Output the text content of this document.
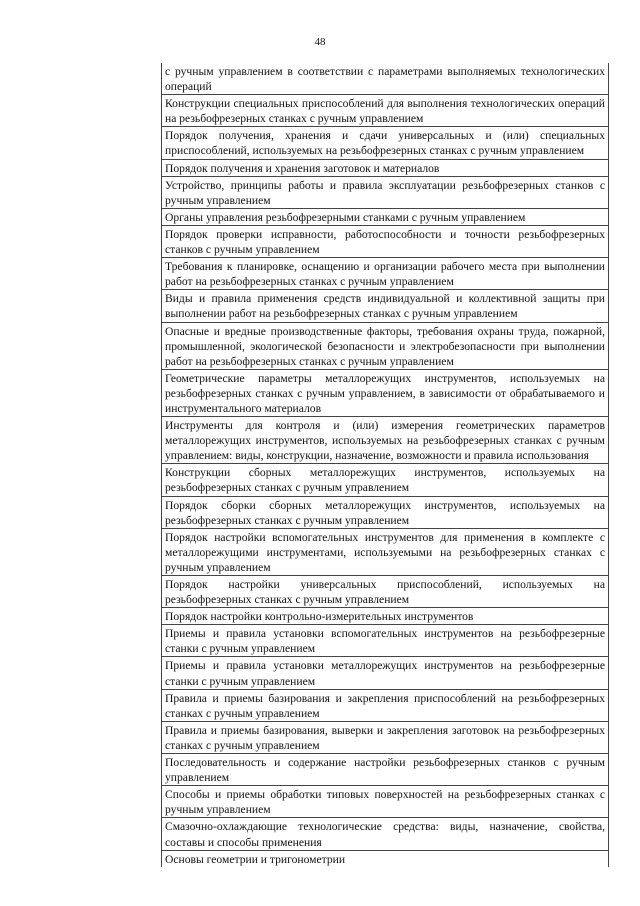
48
с ручным управлением в соответствии с параметрами выполняемых технологических операций
Конструкции специальных приспособлений для выполнения технологических операций на резьбофрезерных станках с ручным управлением
Порядок получения, хранения и сдачи универсальных и (или) специальных приспособлений, используемых на резьбофрезерных станках с ручным управлением
Порядок получения и хранения заготовок и материалов
Устройство, принципы работы и правила эксплуатации резьбофрезерных станков с ручным управлением
Органы управления резьбофрезерными станками с ручным управлением
Порядок проверки исправности, работоспособности и точности резьбофрезерных станков с ручным управлением
Требования к планировке, оснащению и организации рабочего места при выполнении работ на резьбофрезерных станках с ручным управлением
Виды и правила применения средств индивидуальной и коллективной защиты при выполнении работ на резьбофрезерных станках с ручным управлением
Опасные и вредные производственные факторы, требования охраны труда, пожарной, промышленной, экологической безопасности и электробезопасности при выполнении работ на резьбофрезерных станках с ручным управлением
Геометрические параметры металлорежущих инструментов, используемых на резьбофрезерных станках с ручным управлением, в зависимости от обрабатываемого и инструментального материалов
Инструменты для контроля и (или) измерения геометрических параметров металлорежущих инструментов, используемых на резьбофрезерных станках с ручным управлением: виды, конструкции, назначение, возможности и правила использования
Конструкции сборных металлорежущих инструментов, используемых на резьбофрезерных станках с ручным управлением
Порядок сборки сборных металлорежущих инструментов, используемых на резьбофрезерных станках с ручным управлением
Порядок настройки вспомогательных инструментов для применения в комплекте с металлорежущими инструментами, используемыми на резьбофрезерных станках с ручным управлением
Порядок настройки универсальных приспособлений, используемых на резьбофрезерных станках с ручным управлением
Порядок настройки контрольно-измерительных инструментов
Приемы и правила установки вспомогательных инструментов на резьбофрезерные станки с ручным управлением
Приемы и правила установки металлорежущих инструментов на резьбофрезерные станки с ручным управлением
Правила и приемы базирования и закрепления приспособлений на резьбофрезерных станках с ручным управлением
Правила и приемы базирования, выверки и закрепления заготовок на резьбофрезерных станках с ручным управлением
Последовательность и содержание настройки резьбофрезерных станков с ручным управлением
Способы и приемы обработки типовых поверхностей на резьбофрезерных станках с ручным управлением
Смазочно-охлаждающие технологические средства: виды, назначение, свойства, составы и способы применения
Основы геометрии и тригонометрии
